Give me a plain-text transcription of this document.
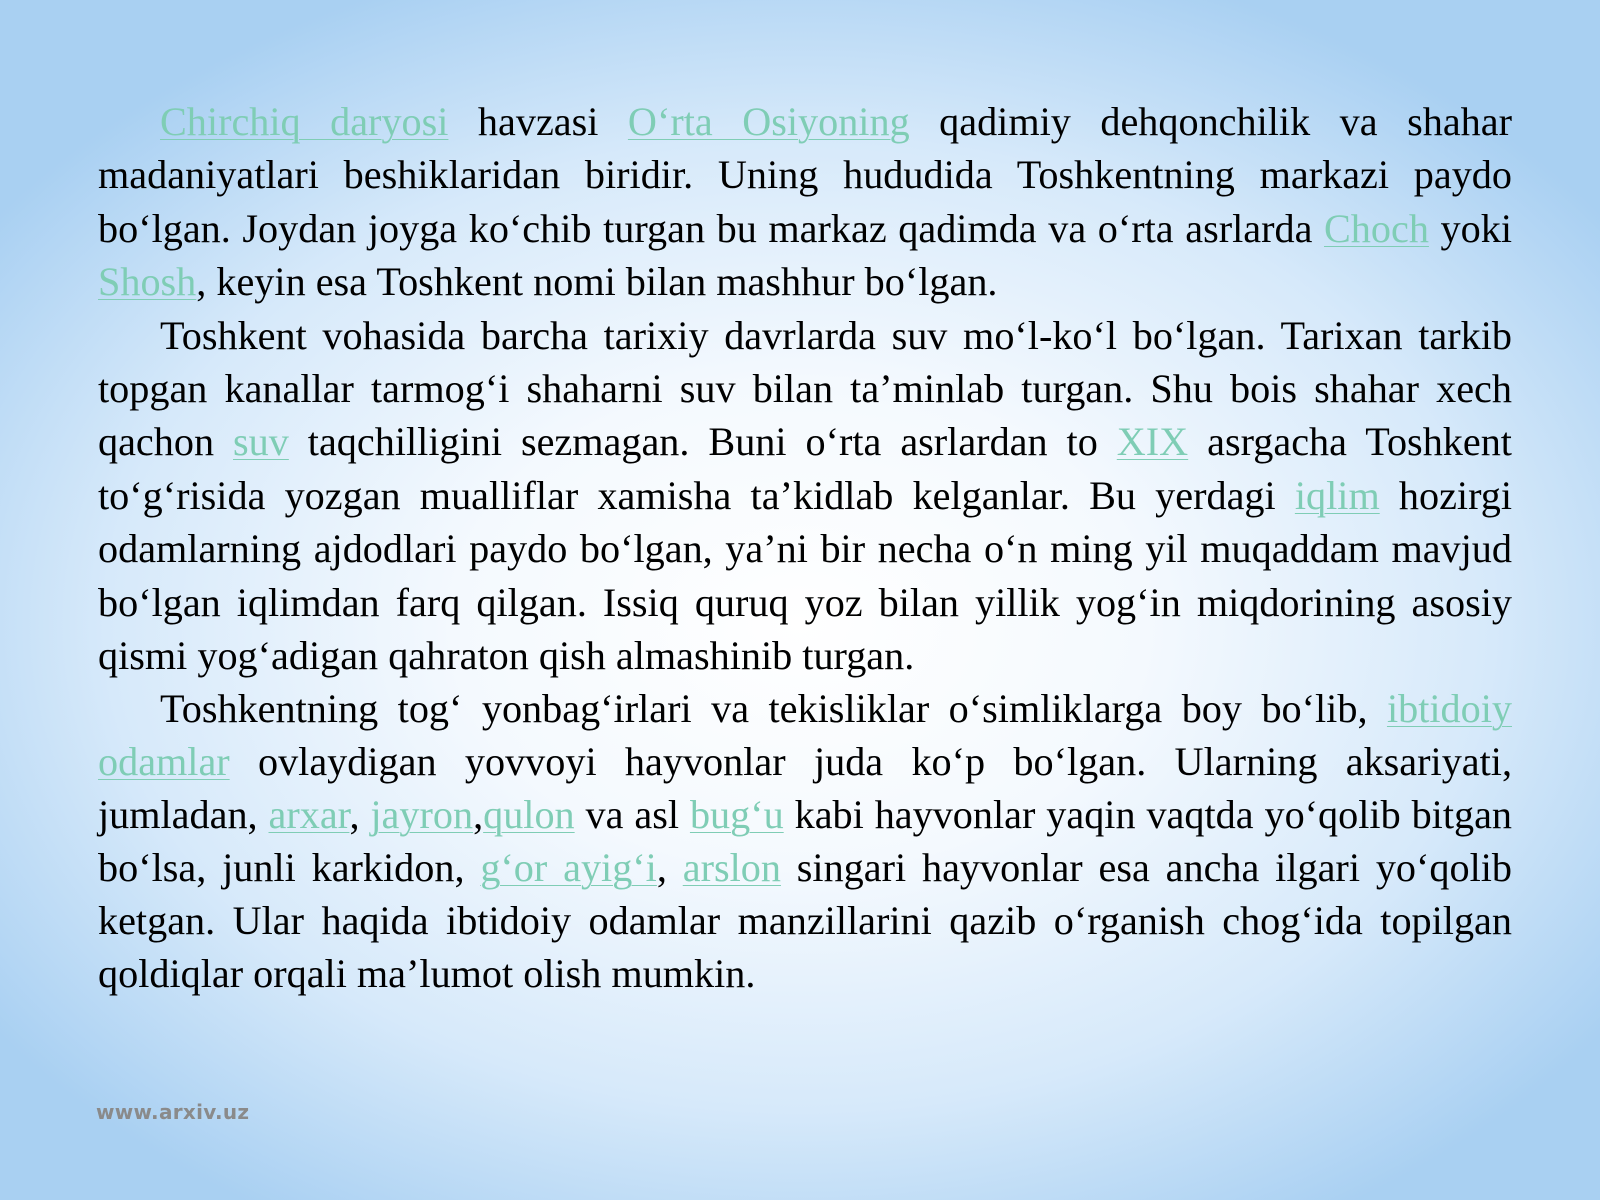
Chirchiq daryosi havzasi O‘rta Osiyoning qadimiy dehqonchilik va shahar madaniyatlari beshiklaridan biridir. Uning hududida Toshkentning markazi paydo bo‘lgan. Joydan joyga ko‘chib turgan bu markaz qadimda va o‘rta asrlarda Choch yoki Shosh, keyin esa Toshkent nomi bilan mashhur bo‘lgan.

Toshkent vohasida barcha tarixiy davrlarda suv mo‘l-ko‘l bo‘lgan. Tarixan tarkib topgan kanallar tarmog‘i shaharni suv bilan ta’minlab turgan. Shu bois shahar xech qachon suv taqchilligini sezmagan. Buni o‘rta asrlardan to XIX asrgacha Toshkent to‘g‘risida yozgan mualliflar xamisha ta’kidlab kelganlar. Bu yerdagi iqlim hozirgi odamlarning ajdodlari paydo bo‘lgan, ya’ni bir necha o‘n ming yil muqaddam mavjud bo‘lgan iqlimdan farq qilgan. Issiq quruq yoz bilan yillik yog‘in miqdorining asosiy qismi yog‘adigan qahraton qish almashinib turgan.

Toshkentning tog‘ yonbag‘irlari va tekisliklar o‘simliklarga boy bo‘lib, ibtidoiy odamlar ovlaydigan yovvoyi hayvonlar juda ko‘p bo‘lgan. Ularning aksariyati, jumladan, arxar, jayron,qulon va asl bug‘u kabi hayvonlar yaqin vaqtda yo‘qolib bitgan bo‘lsa, junli karkidon, g‘or ayig‘i, arslon singari hayvonlar esa ancha ilgari yo‘qolib ketgan. Ular haqida ibtidoiy odamlar manzillarini qazib o‘rganish chog‘ida topilgan qoldiqlar orqali ma’lumot olish mumkin.

www.arxiv.uz
